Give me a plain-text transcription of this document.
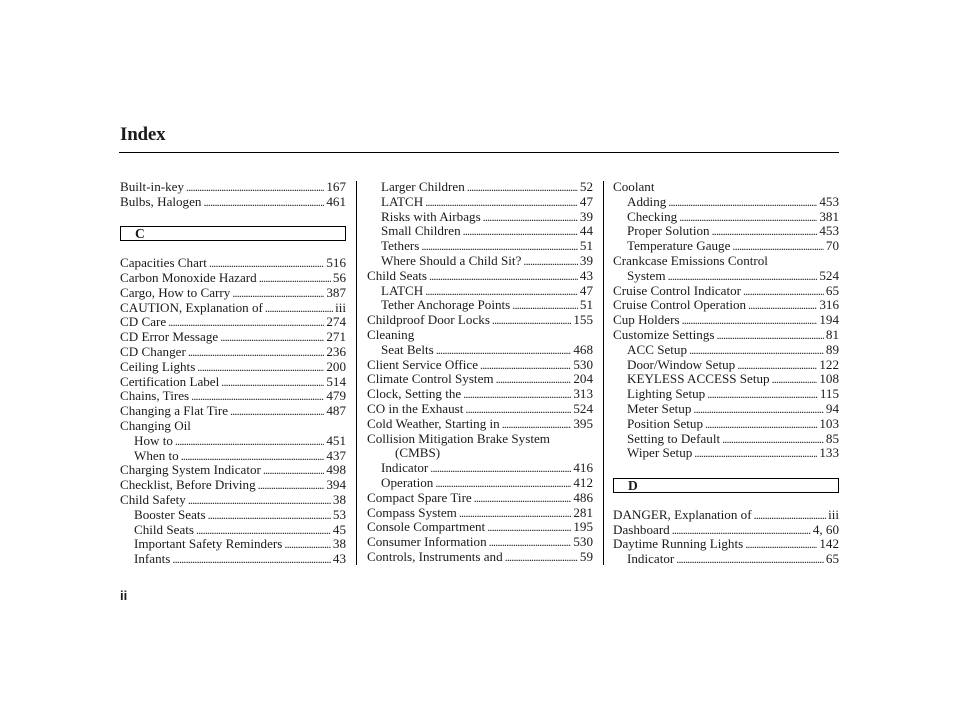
Index
Built-in-key . . .	167
Bulbs, Halogen . . .	461
C
Capacities Chart . . .	516
Carbon Monoxide Hazard . . .	56
Cargo, How to Carry . . .	387
CAUTION, Explanation of . . .	iii
CD Care . . .	274
CD Error Message . . .	271
CD Changer . . .	236
Ceiling Lights . . .	200
Certification Label . . .	514
Chains, Tires . . .	479
Changing a Flat Tire . . .	487
Changing Oil
How to . . .	451
When to . . .	437
Charging System Indicator . . .	498
Checklist, Before Driving . . .	394
Child Safety . . .	38
Booster Seats . . .	53
Child Seats . . .	45
Important Safety Reminders . . .	38
Infants . . .	43
Larger Children . . .	52
LATCH . . .	47
Risks with Airbags . . .	39
Small Children . . .	44
Tethers . . .	51
Where Should a Child Sit? . . .	39
Child Seats . . .	43
LATCH . . .	47
Tether Anchorage Points . . .	51
Childproof Door Locks . . .	155
Cleaning
Seat Belts . . .	468
Client Service Office . . .	530
Climate Control System . . .	204
Clock, Setting the . . .	313
CO in the Exhaust . . .	524
Cold Weather, Starting in . . .	395
Collision Mitigation Brake System
(CMBS)
Indicator . . .	416
Operation . . .	412
Compact Spare Tire . . .	486
Compass System . . .	281
Console Compartment . . .	195
Consumer Information . . .	530
Controls, Instruments and . . .	59
Coolant
Adding . . .	453
Checking . . .	381
Proper Solution . . .	453
Temperature Gauge . . .	70
Crankcase Emissions Control
System . . .	524
Cruise Control Indicator . . .	65
Cruise Control Operation . . .	316
Cup Holders . . .	194
Customize Settings . . .	81
ACC Setup . . .	89
Door/Window Setup . . .	122
KEYLESS ACCESS Setup . . .	108
Lighting Setup . . .	115
Meter Setup . . .	94
Position Setup . . .	103
Setting to Default . . .	85
Wiper Setup . . .	133
D
DANGER, Explanation of . . .	iii
Dashboard . . .	4, 60
Daytime Running Lights . . .	142
Indicator . . .	65
ii
